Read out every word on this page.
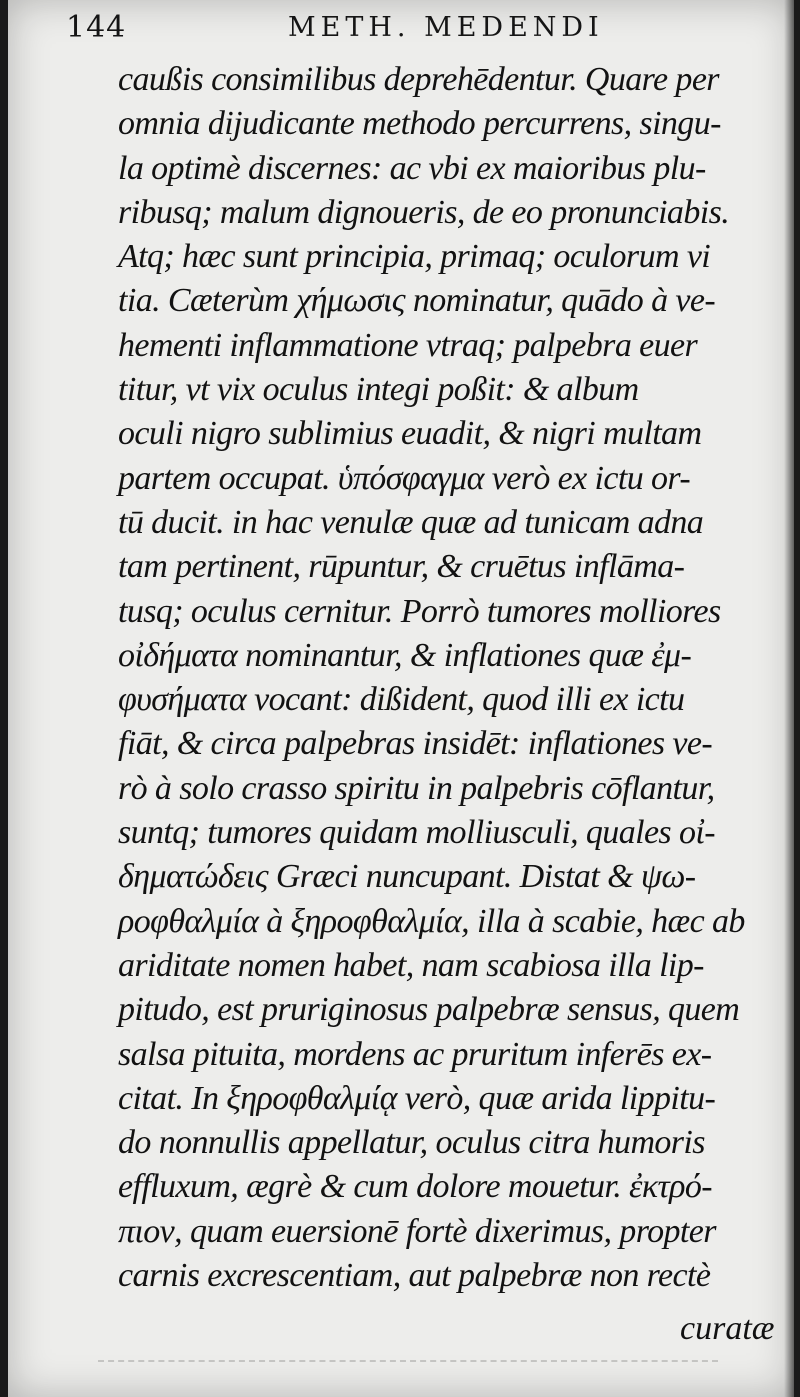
144	METH. MEDENDI
caußis consimilibus deprehēdentur. Quare per
omnia dijudicante methodo percurrens, singu-
la optimè discernes: ac vbi ex maioribus plu-
ribusq; malum dignoueris, de eo pronunciabis.
Atq; hæc sunt principia, primaq; oculorum vi
tia. Cæterùm χήμωσις nominatur, quādo à ve-
hementi inflammatione vtraq; palpebra euer
titur, vt vix oculus integi poßit: & album
oculi nigro sublimius euadit, & nigri multam
partem occupat. ὑπόσφαγμα verò ex ictu or-
tū ducit. in hac venulæ quæ ad tunicam adna
tam pertinent, rūpuntur, & cruētus inflāma-
tusq; oculus cernitur. Porrò tumores molliores
οἰδήματα nominantur, & inflationes quæ ἐμ-
φυσήματα vocant: dißident, quod illi ex ictu
fiāt, & circa palpebras insidēt: inflationes ve-
rò à solo crasso spiritu in palpebris cōflantur,
suntq; tumores quidam molliusculi, quales οἰ-
δηματώδεις Græci nuncupant. Distat & ψω-
ροφθαλμία à ξηροφθαλμία, illa à scabie, hæc ab
ariditate nomen habet, nam scabiosa illa lip-
pitudo, est pruriginosus palpebræ sensus, quem
salsa pituita, mordens ac pruritum inferēs ex-
citat. In ξηροφθαλμίᾳ verò, quæ arida lippitu-
do nonnullis appellatur, oculus citra humoris
effluxum, ægrè & cum dolore mouetur. ἐκτρό-
πιον, quam euersionē fortè dixerimus, propter
carnis excrescentiam, aut palpebræ non rectè
curatæ
